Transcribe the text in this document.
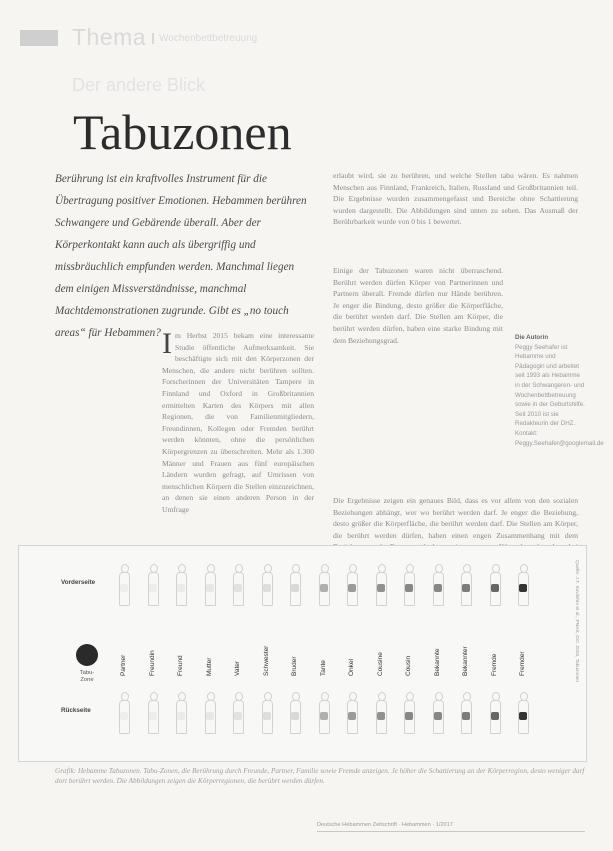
Thema	Wochenbettbetreuung
Der andere Blick
Tabuzonen
Berührung ist ein kraftvolles Instrument für die Übertragung positiver Emotionen. Hebammen berühren Schwangere und Gebärende überall. Aber der Körperkontakt kann auch als übergriffig und missbräuchlich empfunden werden. Manchmal liegen dem einigen Missverständnisse, manchmal Machtdemonstrationen zugrunde. Gibt es „no touch areas“ für Hebammen? I m Herbst 2015 bekam eine interessante Studie öffentliche Aufmerksamkeit. Sie beschäftigte sich mit den Körperzonen der Menschen, die andere nicht berühren sollten. Forscherinnen der Universitäten Tampere in Finnland und Oxford in Großbritannien ermittelten Karten des Körpers mit allen Regionen, die von Familienmitgliedern, Freundinnen, Kollegen oder Fremden berührt werden könnten, ohne die persönlichen Körpergrenzen zu überschreiten. Mehr als 1.300 Männer und Frauen aus fünf europäischen Ländern wurden gefragt, auf Umrissen von menschlichen Körpern die Stellen einzuzeichnen, an denen sie einen anderen Person in der Umfrage
erlaubt wird, sie zu berühren, und welche Stellen tabu wären. Es nahmen Menschen aus Finnland, Frankreich, Italien, Russland und Großbritannien teil. Die Ergebnisse wurden zusammengefasst und Bereiche ohne Schattierung wurden dargestellt. Die Abbildungen sind unten zu sehen. Das Ausmaß der Berührbarkeit wurde von 0 bis 1 bewertet.
Einige der Tabuzonen waren nicht überraschend. Berührt werden dürfen Körper von Partnerinnen und Partnern überall. Fremde dürfen nur Hände berühren. Je enger die Bindung, desto größer die Körperfläche, die berührt werden darf. Die Stellen am Körper, die berührt werden dürfen, haben eine starke Bindung mit dem Beziehungsgrad.
Die Ergebnisse zeigen ein genaues Bild, dass es vor allem von den sozialen Beziehungen abhängt, wer wo berührt werden darf. Je enger die Beziehung, desto größer die Körperfläche, die berührt werden darf. Die Stellen am Körper, die berührt werden dürfen, haben einen engen Zusammenhang mit dem
Die Autorin
Peggy Seehafer ist Hebamme und Pädagogin und arbeitet seit 1993 als Hebamme in der Schwangeren- und Wochenbettbetreuung sowie in der Geburtshilfe. Seit 2010 ist sie Redakteurin der DHZ. Kontakt: Peggy.Seehafer@googlemail.de
Vorderseite
Rückseite
Tabu-Zone
Partner	Freundin	Freund	Mutter	Vater	Schwester	Bruder	Tante	Onkel	Cousine	Cousin	Bekannte	Bekannter	Fremde	Fremder	Quelle: J.T. Suvilehto et al., PNAS, Oct. 2015, Tabuzonen
Grafik: Hebamme Tabuzonen. Tabu-Zonen, die Berührung durch Freunde, Partner, Familie sowie Fremde anzeigen. Je höher die Schattierung an der Körperregion, desto weniger darf dort berührt werden. Die Abbildungen zeigen die Körperregionen, die berührt werden dürfen.
Deutsche Hebammen Zeitschrift · Hebammen · 1/2017
